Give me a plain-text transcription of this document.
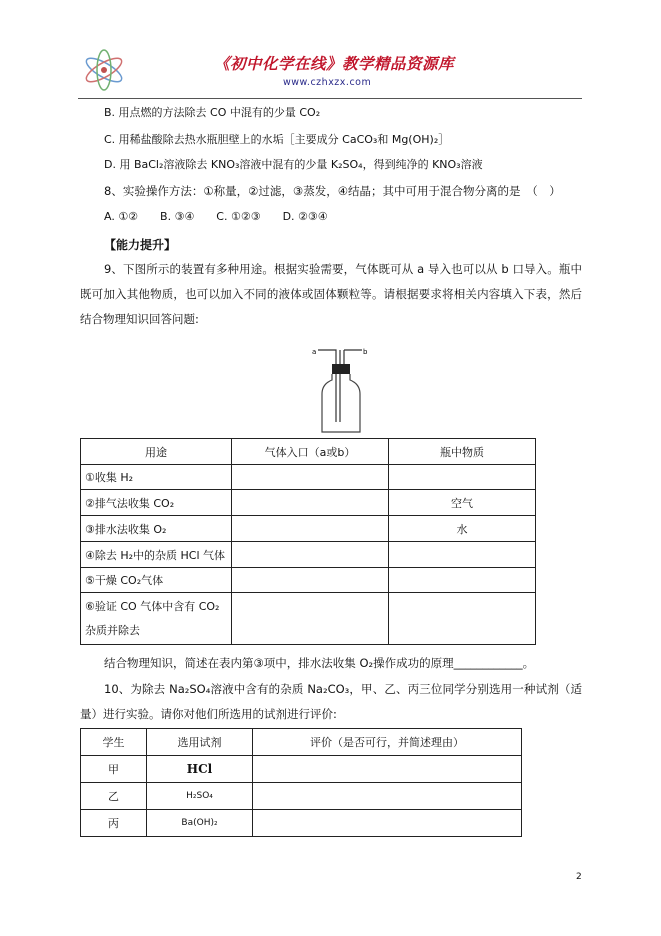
《初中化学在线》教学精品资源库
www.czhxzx.com
B. 用点燃的方法除去 CO 中混有的少量 CO₂
C. 用稀盐酸除去热水瓶胆壁上的水垢［主要成分 CaCO₃和 Mg(OH)₂］
D. 用 BaCl₂溶液除去 KNO₃溶液中混有的少量 K₂SO₄，得到纯净的 KNO₃溶液
8、实验操作方法：①称量，②过滤，③蒸发，④结晶；其中可用于混合物分离的是　（　）
A. ①②　　B. ③④　　C. ①②③　　D. ②③④
【能力提升】
9、下图所示的装置有多种用途。根据实验需要，气体既可从 a 导入也可以从 b 口导入。瓶中既可加入其他物质，也可以加入不同的液体或固体颗粒等。请根据要求将相关内容填入下表，然后结合物理知识回答问题:
a	b
用途	气体入口（a或b）	瓶中物质
①收集 H₂		
②排气法收集 CO₂		空气
③排水法收集 O₂		水
④除去 H₂中的杂质 HCl 气体		
⑤干燥 CO₂气体		
⑥验证 CO 气体中含有 CO₂杂质并除去		
结合物理知识，简述在表内第③项中，排水法收集 O₂操作成功的原理____________。
10、为除去 Na₂SO₄溶液中含有的杂质 Na₂CO₃，甲、乙、丙三位同学分别选用一种试剂（适量）进行实验。请你对他们所选用的试剂进行评价:
学生	选用试剂	评价（是否可行，并简述理由）
甲	HCl	
乙	H₂SO₄	
丙	Ba(OH)₂	
2
